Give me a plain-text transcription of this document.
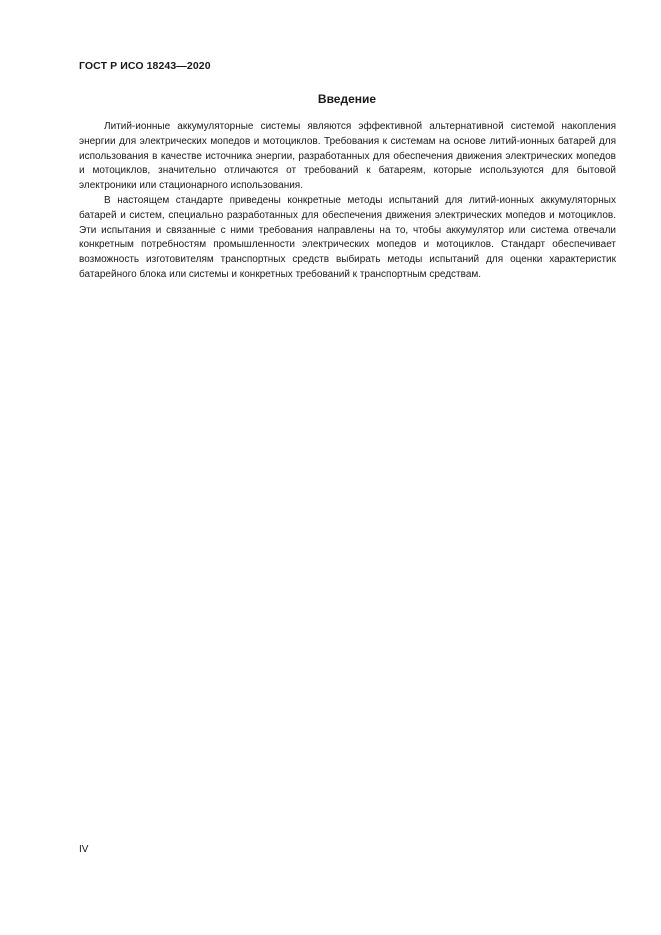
ГОСТ Р ИСО 18243—2020
Введение

Литий-ионные аккумуляторные системы являются эффективной альтернативной системой накопления энергии для электрических мопедов и мотоциклов. Требования к системам на основе литий-ионных батарей для использования в качестве источника энергии, разработанных для обеспечения движения электрических мопедов и мотоциклов, значительно отличаются от требований к батареям, которые используются для бытовой электроники или стационарного использования.

В настоящем стандарте приведены конкретные методы испытаний для литий-ионных аккумуляторных батарей и систем, специально разработанных для обеспечения движения электрических мопедов и мотоциклов. Эти испытания и связанные с ними требования направлены на то, чтобы аккумулятор или система отвечали конкретным потребностям промышленности электрических мопедов и мотоциклов. Стандарт обеспечивает возможность изготовителям транспортных средств выбирать методы испытаний для оценки характеристик батарейного блока или системы и конкретных требований к транспортным средствам.

IV
